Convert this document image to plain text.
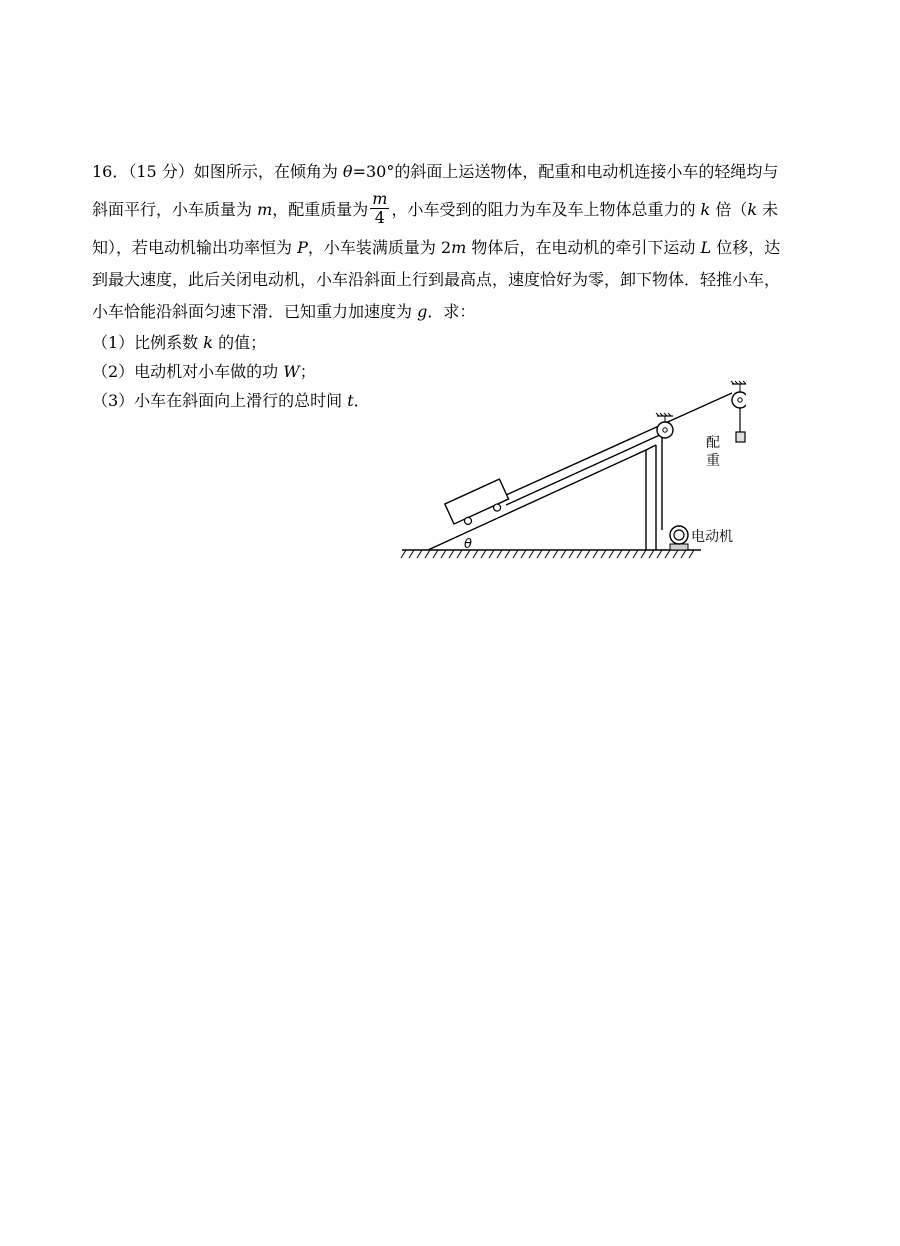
16．（15 分）如图所示，在倾角为 θ=30°的斜面上运送物体，配重和电动机连接小车的轻绳均与
斜面平行，小车质量为 m，配重质量为 $\frac{m}{4}$ ，小车受到的阻力为车及车上物体总重力的 k 倍（k 未
知），若电动机输出功率恒为 P，小车装满质量为 2m 物体后，在电动机的牵引下运动 L 位移，达
到最大速度，此后关闭电动机，小车沿斜面上行到最高点，速度恰好为零，卸下物体．轻推小车，
小车恰能沿斜面匀速下滑．已知重力加速度为 g．求：
（1）比例系数 k 的值；
（2）电动机对小车做的功 W；
（3）小车在斜面向上滑行的总时间 t．
配
重
电动机
θ
